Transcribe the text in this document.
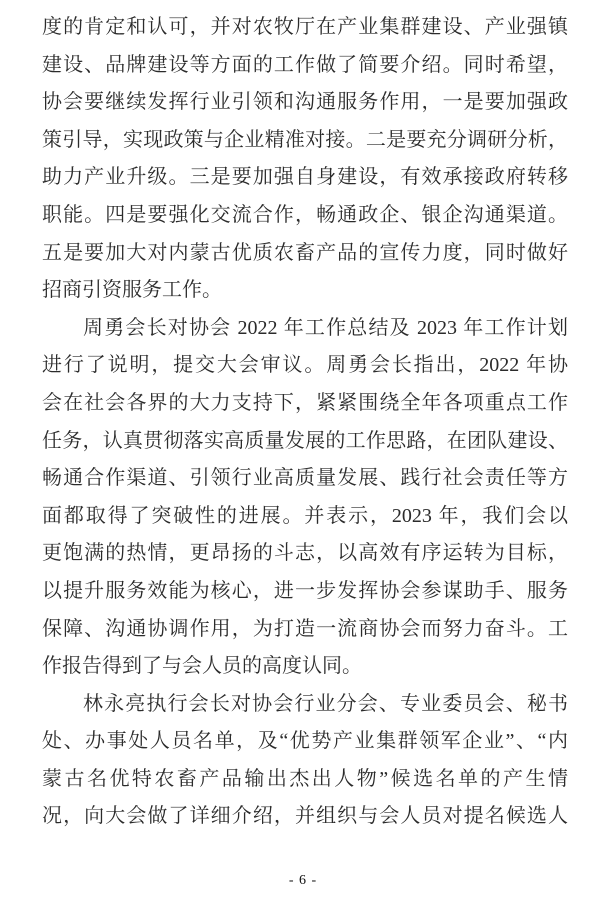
度的肯定和认可，并对农牧厅在产业集群建设、产业强镇
建设、品牌建设等方面的工作做了简要介绍。同时希望，
协会要继续发挥行业引领和沟通服务作用，一是要加强政
策引导，实现政策与企业精准对接。二是要充分调研分析，
助力产业升级。三是要加强自身建设，有效承接政府转移
职能。四是要强化交流合作，畅通政企、银企沟通渠道。
五是要加大对内蒙古优质农畜产品的宣传力度，同时做好
招商引资服务工作。
周勇会长对协会 2022 年工作总结及 2023 年工作计划
进行了说明，提交大会审议。周勇会长指出，2022 年协
会在社会各界的大力支持下，紧紧围绕全年各项重点工作
任务，认真贯彻落实高质量发展的工作思路，在团队建设、
畅通合作渠道、引领行业高质量发展、践行社会责任等方
面都取得了突破性的进展。并表示，2023 年，我们会以
更饱满的热情，更昂扬的斗志，以高效有序运转为目标，
以提升服务效能为核心，进一步发挥协会参谋助手、服务
保障、沟通协调作用，为打造一流商协会而努力奋斗。工
作报告得到了与会人员的高度认同。
林永亮执行会长对协会行业分会、专业委员会、秘书
处、办事处人员名单，及“优势产业集群领军企业”、“内
蒙古名优特农畜产品输出杰出人物”候选名单的产生情
况，向大会做了详细介绍，并组织与会人员对提名候选人
- 6 -
